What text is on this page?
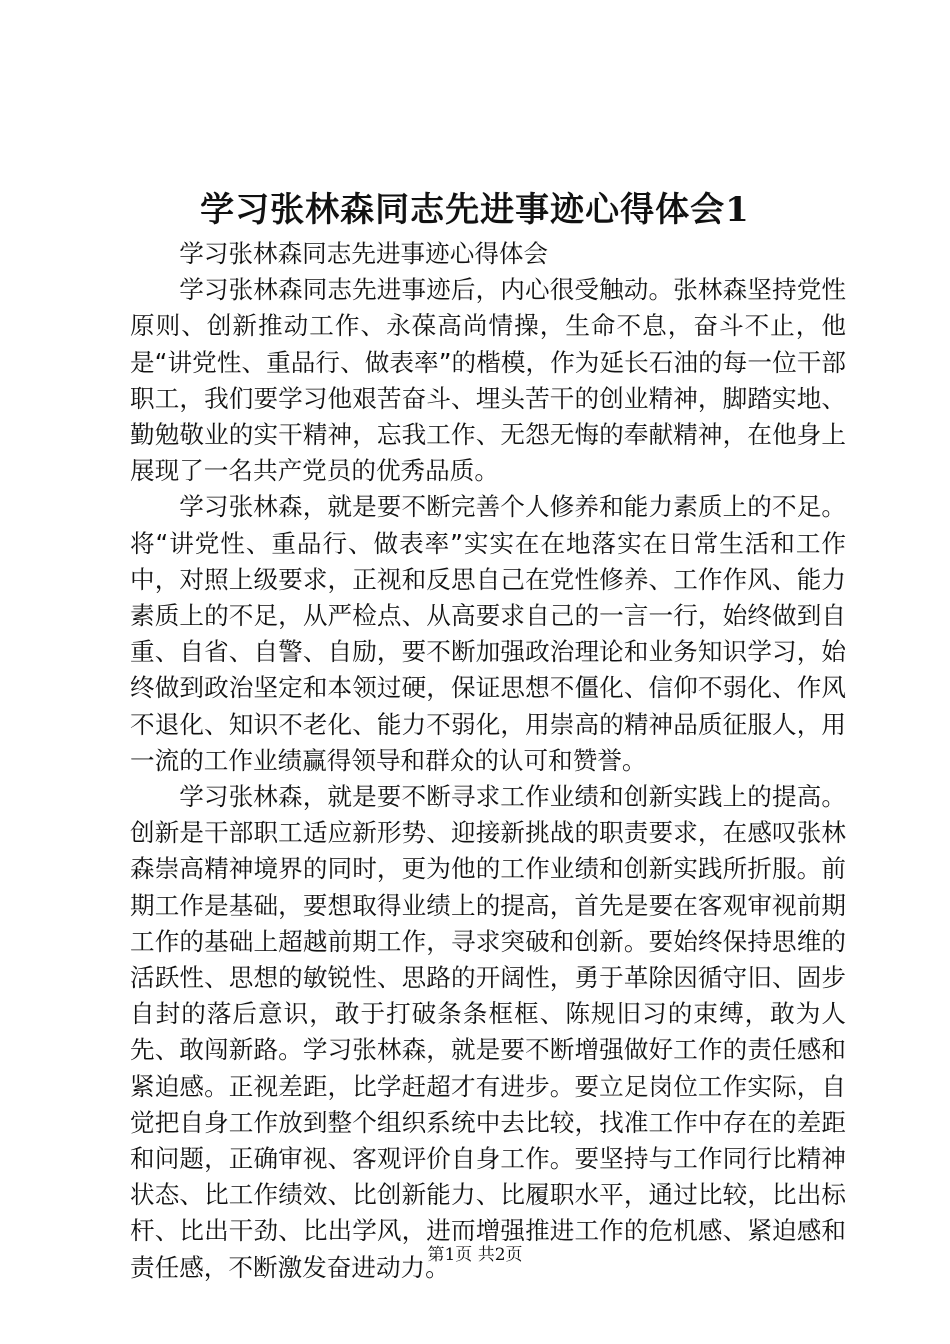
学习张林森同志先进事迹心得体会1

学习张林森同志先进事迹心得体会

学习张林森同志先进事迹后，内心很受触动。张林森坚持党性原则、创新推动工作、永葆高尚情操，生命不息，奋斗不止，他是“讲党性、重品行、做表率”的楷模，作为延长石油的每一位干部职工，我们要学习他艰苦奋斗、埋头苦干的创业精神，脚踏实地、勤勉敬业的实干精神，忘我工作、无怨无悔的奉献精神，在他身上展现了一名共产党员的优秀品质。

学习张林森，就是要不断完善个人修养和能力素质上的不足。将“讲党性、重品行、做表率”实实在在地落实在日常生活和工作中，对照上级要求，正视和反思自己在党性修养、工作作风、能力素质上的不足，从严检点、从高要求自己的一言一行，始终做到自重、自省、自警、自励，要不断加强政治理论和业务知识学习，始终做到政治坚定和本领过硬，保证思想不僵化、信仰不弱化、作风不退化、知识不老化、能力不弱化，用崇高的精神品质征服人，用一流的工作业绩赢得领导和群众的认可和赞誉。

学习张林森，就是要不断寻求工作业绩和创新实践上的提高。创新是干部职工适应新形势、迎接新挑战的职责要求，在感叹张林森崇高精神境界的同时，更为他的工作业绩和创新实践所折服。前期工作是基础，要想取得业绩上的提高，首先是要在客观审视前期工作的基础上超越前期工作，寻求突破和创新。要始终保持思维的活跃性、思想的敏锐性、思路的开阔性，勇于革除因循守旧、固步自封的落后意识，敢于打破条条框框、陈规旧习的束缚，敢为人先、敢闯新路。学习张林森，就是要不断增强做好工作的责任感和紧迫感。正视差距，比学赶超才有进步。要立足岗位工作实际，自觉把自身工作放到整个组织系统中去比较，找准工作中存在的差距和问题，正确审视、客观评价自身工作。要坚持与工作同行比精神状态、比工作绩效、比创新能力、比履职水平，通过比较，比出标杆、比出干劲、比出学风，进而增强推进工作的危机感、紧迫感和责任感，不断激发奋进动力。

第1页 共2页
